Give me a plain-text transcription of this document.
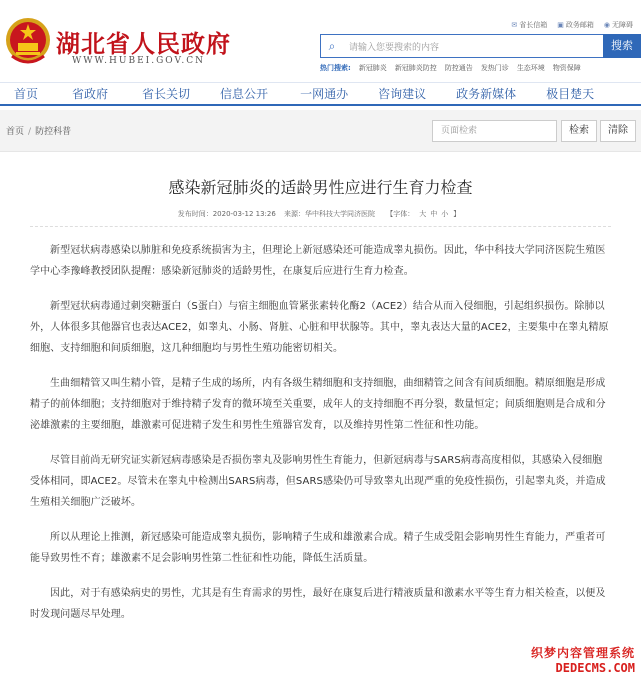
湖北省人民政府
WWW.HUBEI.GOV.CN
✉ 省长信箱 ▣ 政务邮箱 ◉ 无障碍
⌕	请输入您要搜索的内容	搜索
热门搜索: 新冠肺炎 新冠肺炎防控 防控通告 发热门诊 生态环境 物资保障
首页	省政府	省长关切	信息公开	一网通办	咨询建议	政务新媒体	极目楚天
首页 / 防控科普	页面检索	检索	清除
感染新冠肺炎的适龄男性应进行生育力检查
发布时间：2020-03-12 13:26 来源：华中科技大学同济医院 【字体： 大 中 小 】

新型冠状病毒感染以肺脏和免疫系统损害为主，但理论上新冠感染还可能造成睾丸损伤。因此，华中科技大学同济医院生殖医学中心李豫峰教授团队提醒：感染新冠肺炎的适龄男性，在康复后应进行生育力检查。

新型冠状病毒通过刺突糖蛋白（S蛋白）与宿主细胞血管紧张素转化酶2（ACE2）结合从而入侵细胞，引起组织损伤。除肺以外，人体很多其他器官也表达ACE2，如睾丸、小肠、肾脏、心脏和甲状腺等。其中，睾丸表达大量的ACE2，主要集中在睾丸精原细胞、支持细胞和间质细胞，这几种细胞均与男性生殖功能密切相关。

生曲细精管又叫生精小管，是精子生成的场所，内有各级生精细胞和支持细胞，曲细精管之间含有间质细胞。精原细胞是形成精子的前体细胞；支持细胞对于维持精子发育的微环境至关重要，成年人的支持细胞不再分裂，数量恒定；间质细胞则是合成和分泌雄激素的主要细胞，雄激素可促进精子发生和男性生殖器官发育，以及维持男性第二性征和性功能。

尽管目前尚无研究证实新冠病毒感染是否损伤睾丸及影响男性生育能力，但新冠病毒与SARS病毒高度相似，其感染入侵细胞受体相同，即ACE2。尽管未在睾丸中检测出SARS病毒，但SARS感染仍可导致睾丸出现严重的免疫性损伤，引起睾丸炎，并造成生殖相关细胞广泛破坏。

所以从理论上推测，新冠感染可能造成睾丸损伤，影响精子生成和雄激素合成。精子生成受阻会影响男性生育能力，严重者可能导致男性不育；雄激素不足会影响男性第二性征和性功能，降低生活质量。

因此，对于有感染病史的男性，尤其是有生育需求的男性，最好在康复后进行精液质量和激素水平等生育力相关检查，以便及时发现问题尽早处理。

织梦内容管理系统
DEDECMS.COM
